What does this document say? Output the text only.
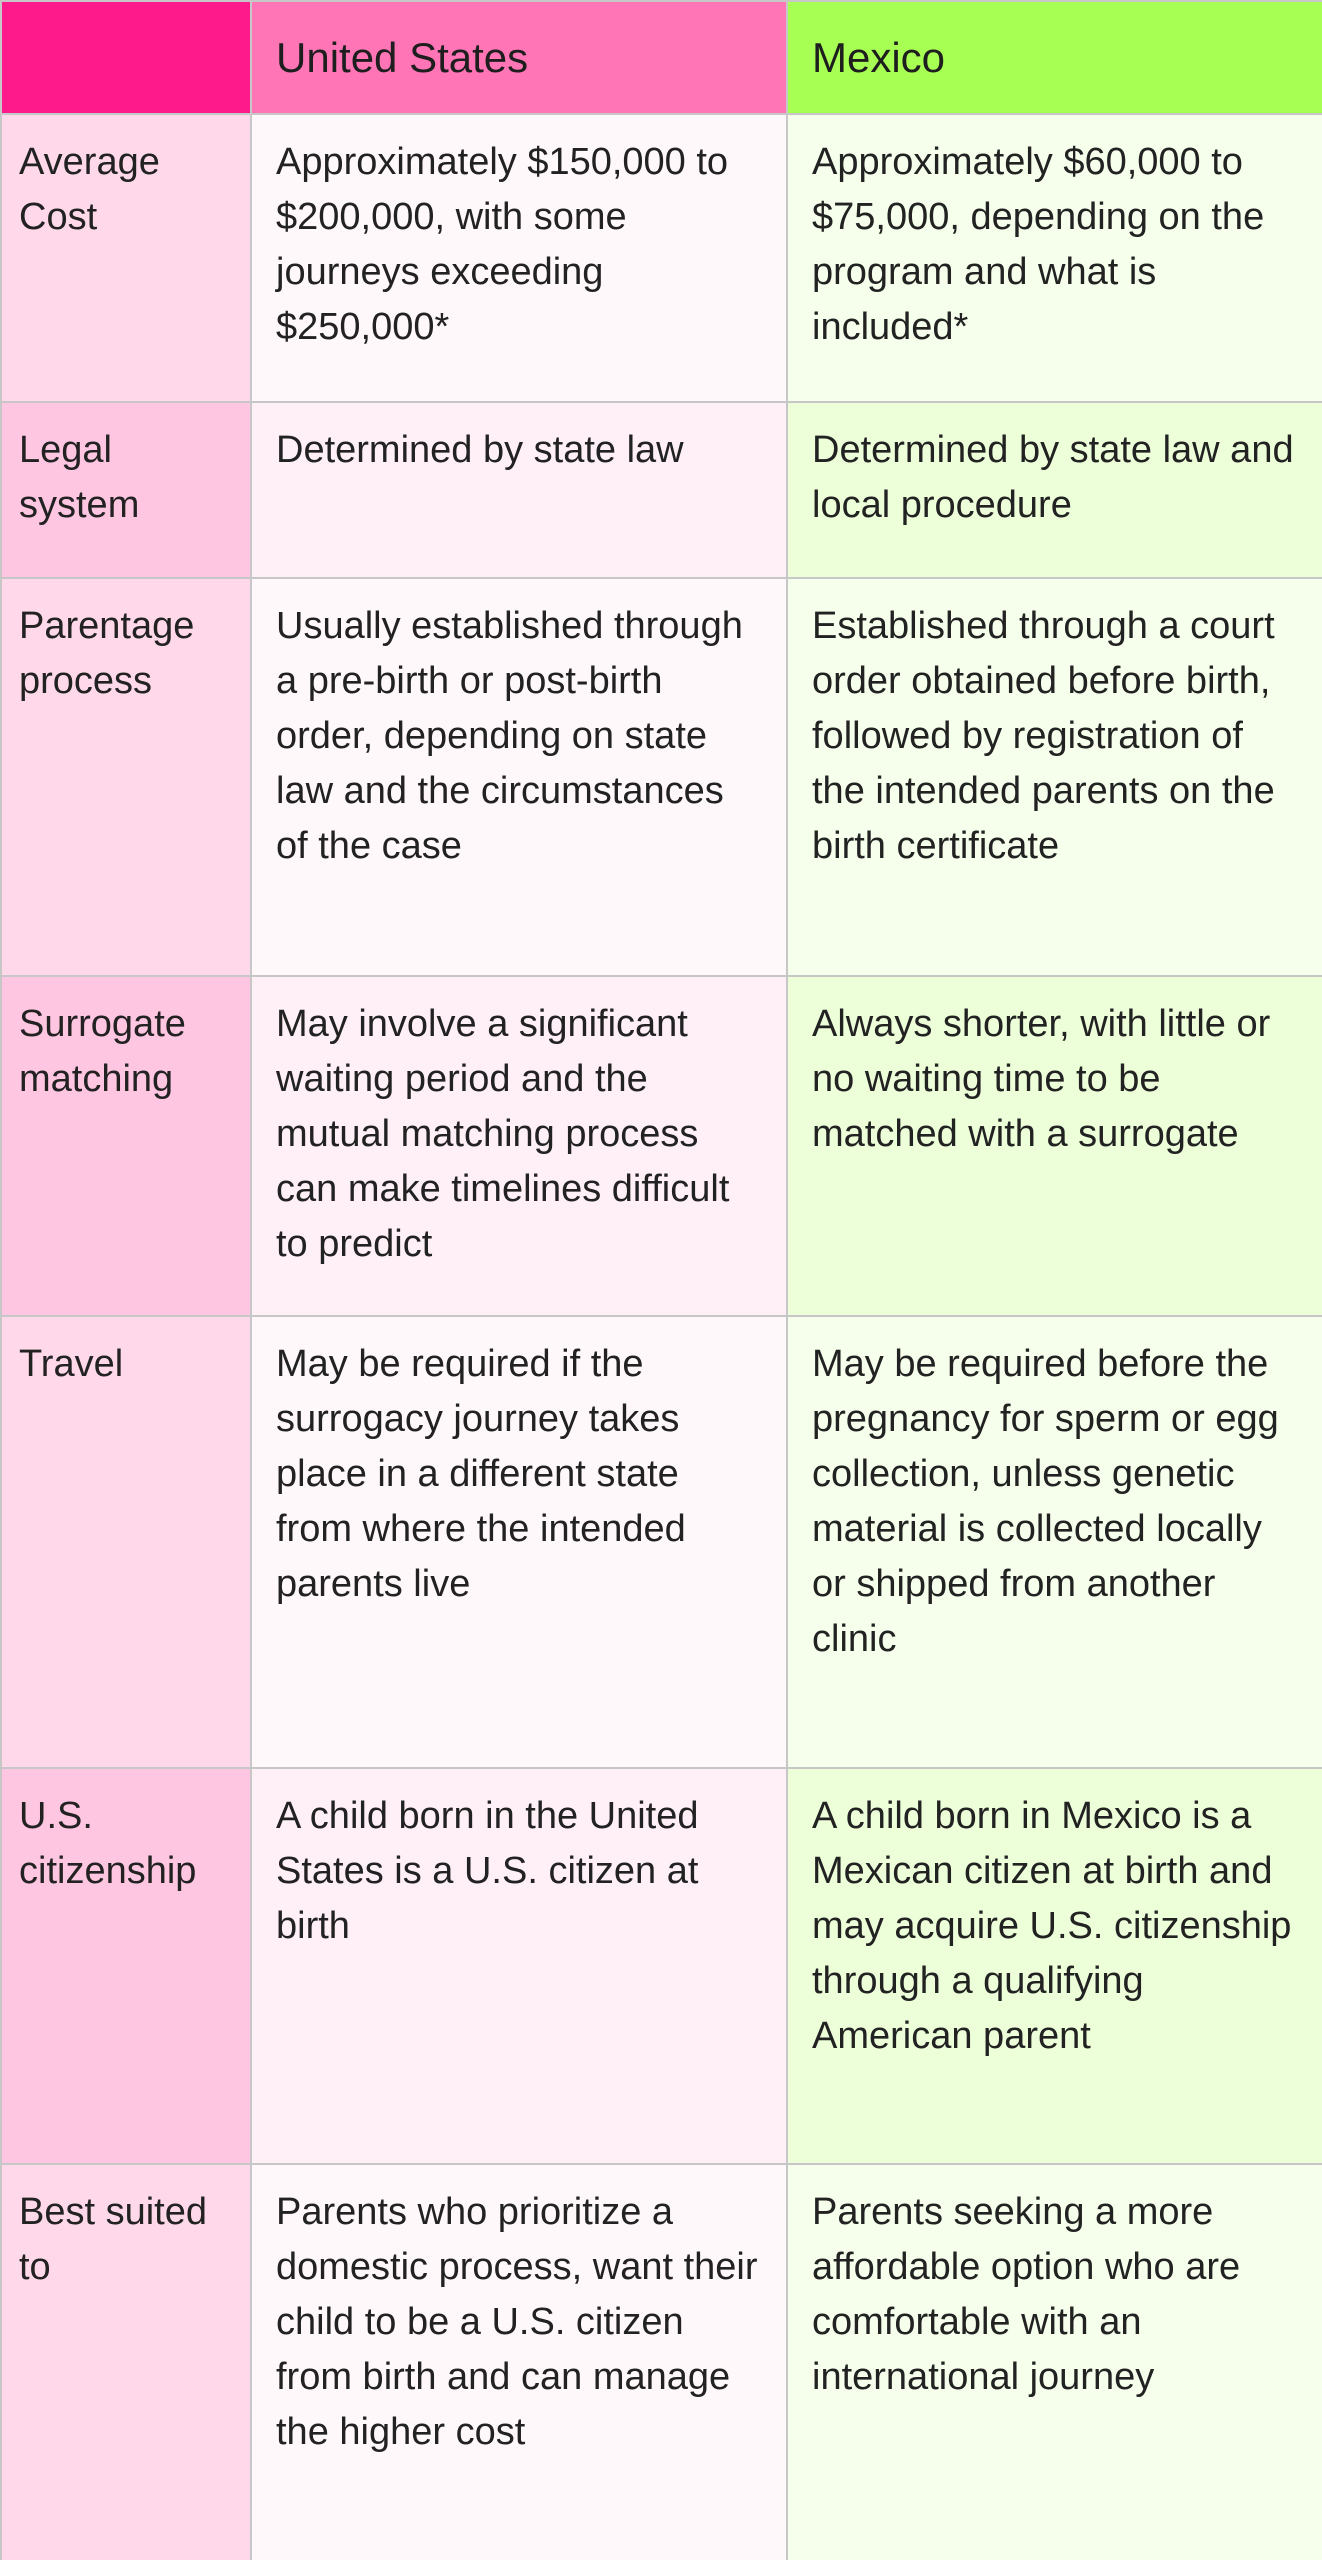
	United States	Mexico
Average Cost	Approximately $150,000 to $200,000, with some journeys exceeding $250,000*	Approximately $60,000 to $75,000, depending on the program and what is included*
Legal system	Determined by state law	Determined by state law and local procedure
Parentage process	Usually established through a pre-birth or post-birth order, depending on state law and the circumstances of the case	Established through a court order obtained before birth, followed by registration of the intended parents on the birth certificate
Surrogate matching	May involve a significant waiting period and the mutual matching process can make timelines difficult to predict	Always shorter, with little or no waiting time to be matched with a surrogate
Travel	May be required if the surrogacy journey takes place in a different state from where the intended parents live	May be required before the pregnancy for sperm or egg collection, unless genetic material is collected locally or shipped from another clinic
U.S. citizenship	A child born in the United States is a U.S. citizen at birth	A child born in Mexico is a Mexican citizen at birth and may acquire U.S. citizenship through a qualifying American parent
Best suited to	Parents who prioritize a domestic process, want their child to be a U.S. citizen from birth and can manage the higher cost	Parents seeking a more affordable option who are comfortable with an international journey
